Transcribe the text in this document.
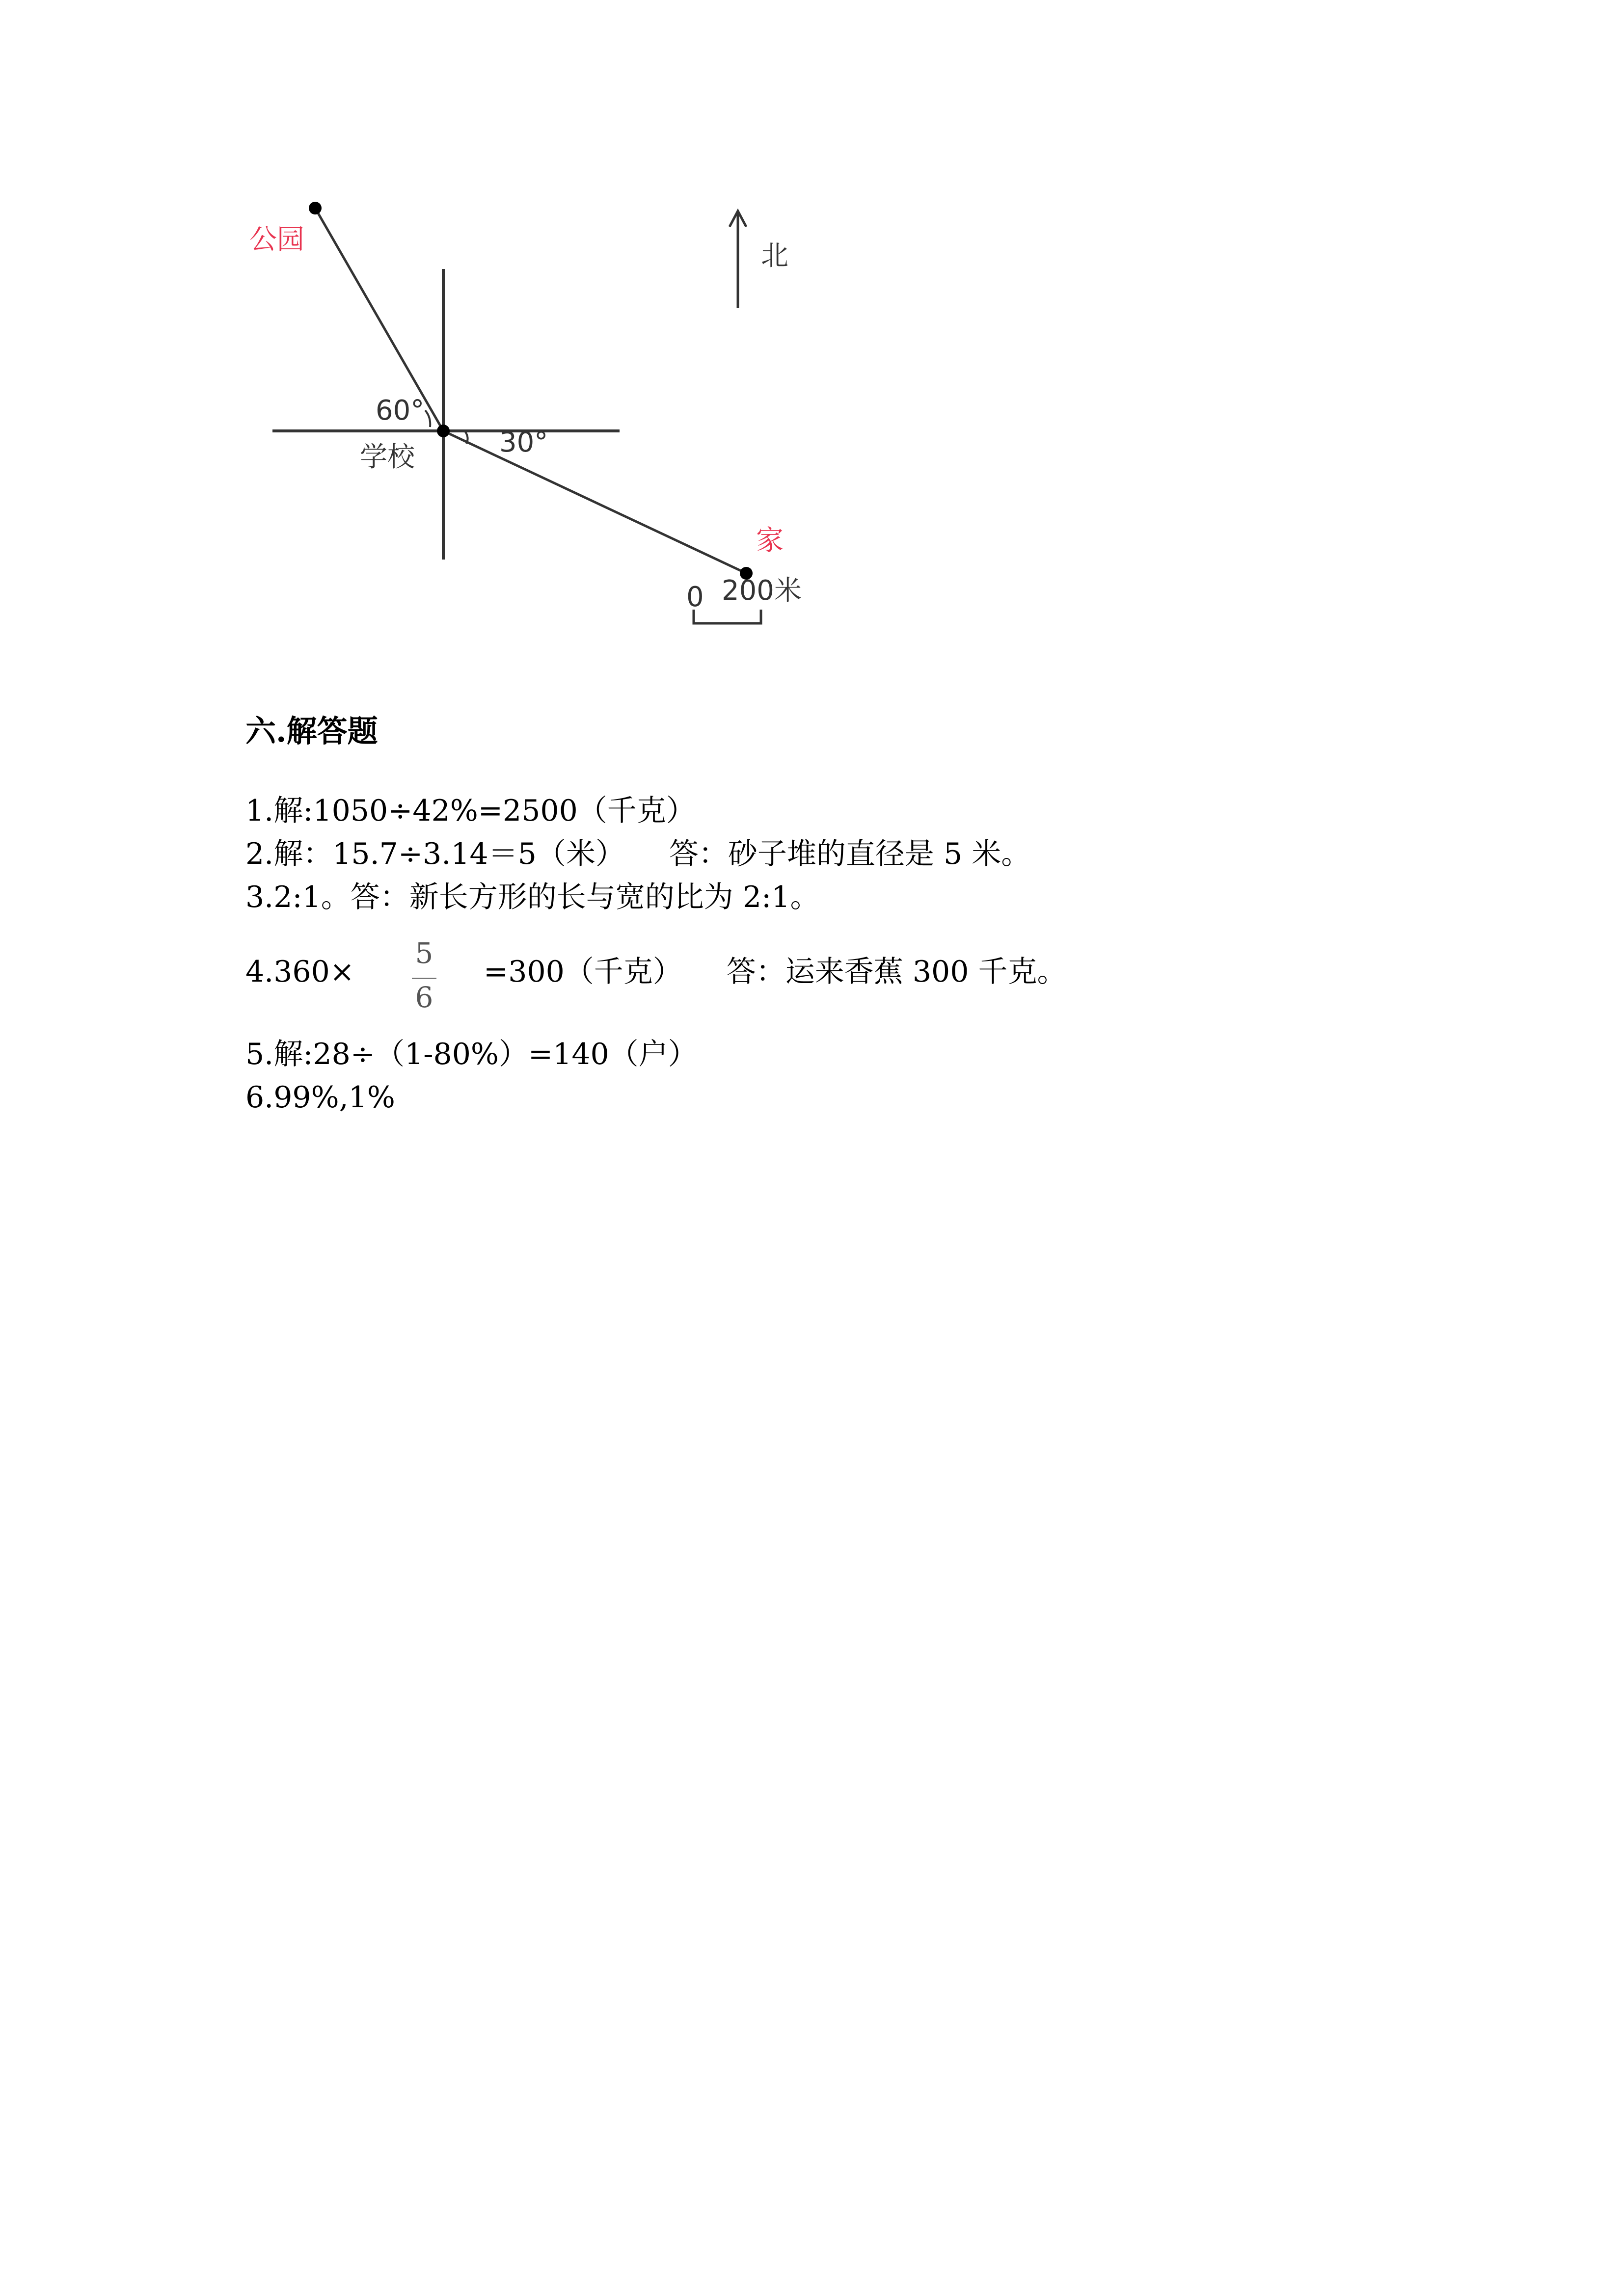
公园
北
60°
学校	30°
家
0 200米
六.解答题
1.解:1050÷42%=2500（千克）
2.解：15.7÷3.14＝5（米）　　答：砂子堆的直径是 5 米。
3.2:1。答：新长方形的长与宽的比为 2:1。
4.360×
5
6
=300（千克）　　答：运来香蕉 300 千克。
5.解:28÷（1-80%）=140（户）
6.99%,1%
